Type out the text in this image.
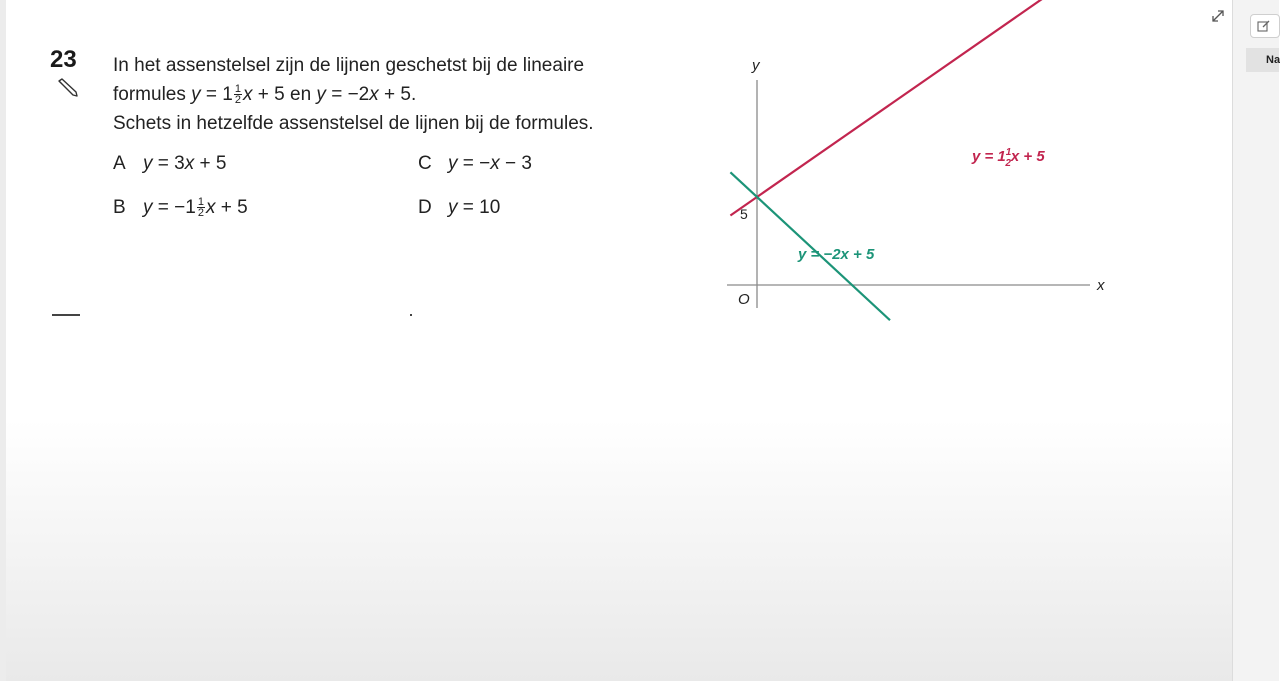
Na
23 In het assenstelsel zijn de lijnen geschetst bij de lineaire
formules $y = 1 \frac{1}{2}$ x + 5 en y = −2x + 5.
Schets in hetzelfde assenstelsel de lijnen bij de formules.
A y = 3x + 5
B $y = -1 \frac{1}{2}$ x + 5
C y = −x − 3
D y = 10
y
x
O
5
$y = 1^1$ 2x + 5
y = −2x + 5
